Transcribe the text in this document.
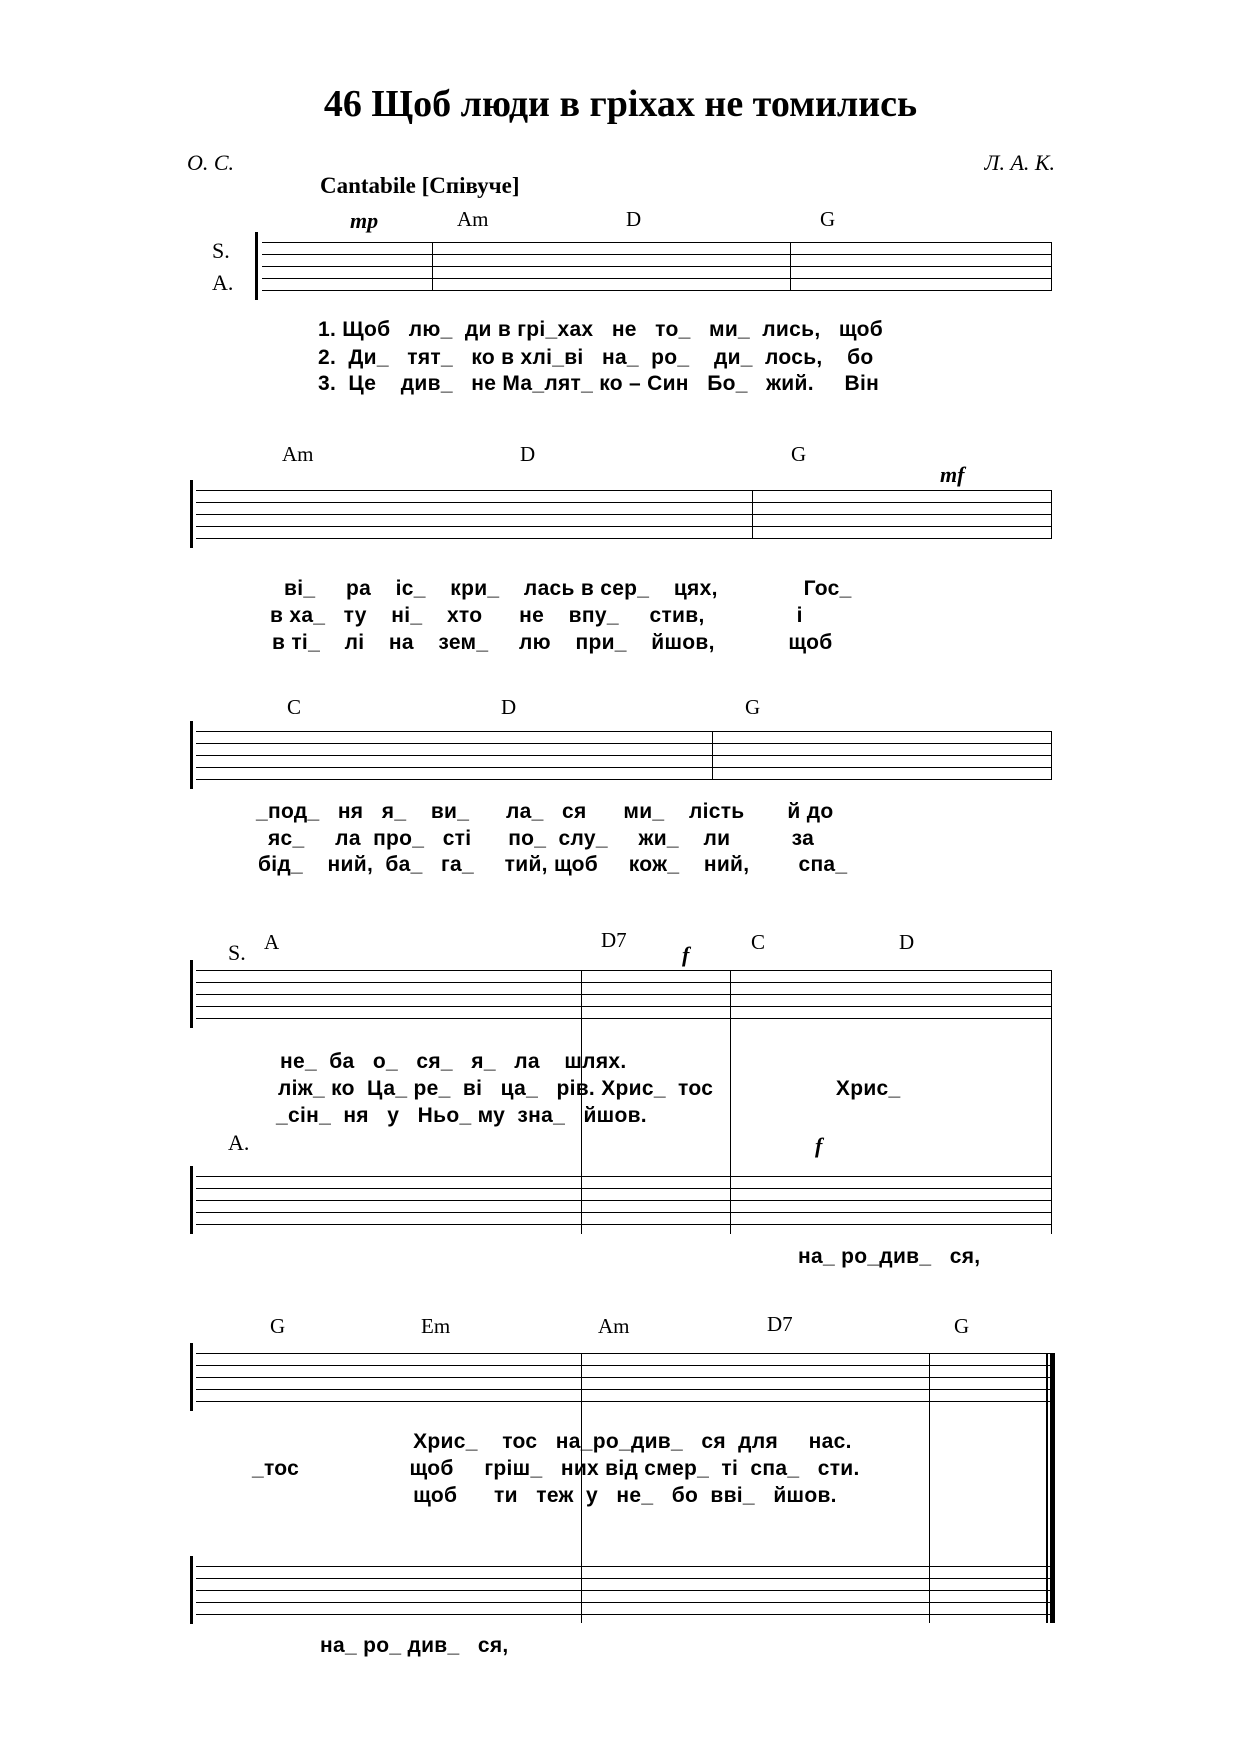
46 Щоб люди в гріхах не томились
О. С.	Л. А. К.
Cantabile [Співуче]
S.
A.
mp	Am	D	G
1. Щоб   лю_  ди в грі_хах   не   то_   ми_  лись,   щоб
2.  Ди_   тят_   ко в хлі_ві   на_  ро_    ди_  лось,    бо
3.  Це    див_   не Ма_лят_ ко – Син   Бо_   жий.     Він
Am	D	G
mf
ві_     ра    іс_    кри_    лась в сер_    цях,              Гос_
в ха_   ту    ні_    хто      не    впу_     стив,               і
в ті_    лі    на    зем_     лю    при_    йшов,            щоб
C	D	G
_под_   ня   я_    ви_      ла_   ся      ми_    лість       й до
яс_     ла  про_   сті      по_  слу_     жи_    ли          за
бід_    ний,  ба_   га_     тий, щоб     кож_    ний,        спа_
S. A	D7
f	C	D
не_  ба   о_   ся_   я_   ла    шлях.
ліж_ ко  Ца_ ре_  ві   ца_   рів. Хрис_  тос                    Хрис_
_сін_  ня   у   Ньо_ му  зна_   йшов.
A.	f
на_ ро_див_   ся,
G	Em	Am	D7	G
Хрис_    тос   на_ро_див_   ся  для     нас.
_тос                  щоб     гріш_   них від смер_  ті  спа_   сти.
щоб      ти   теж  у   не_   бо  вві_   йшов.
на_ ро_ див_   ся,
